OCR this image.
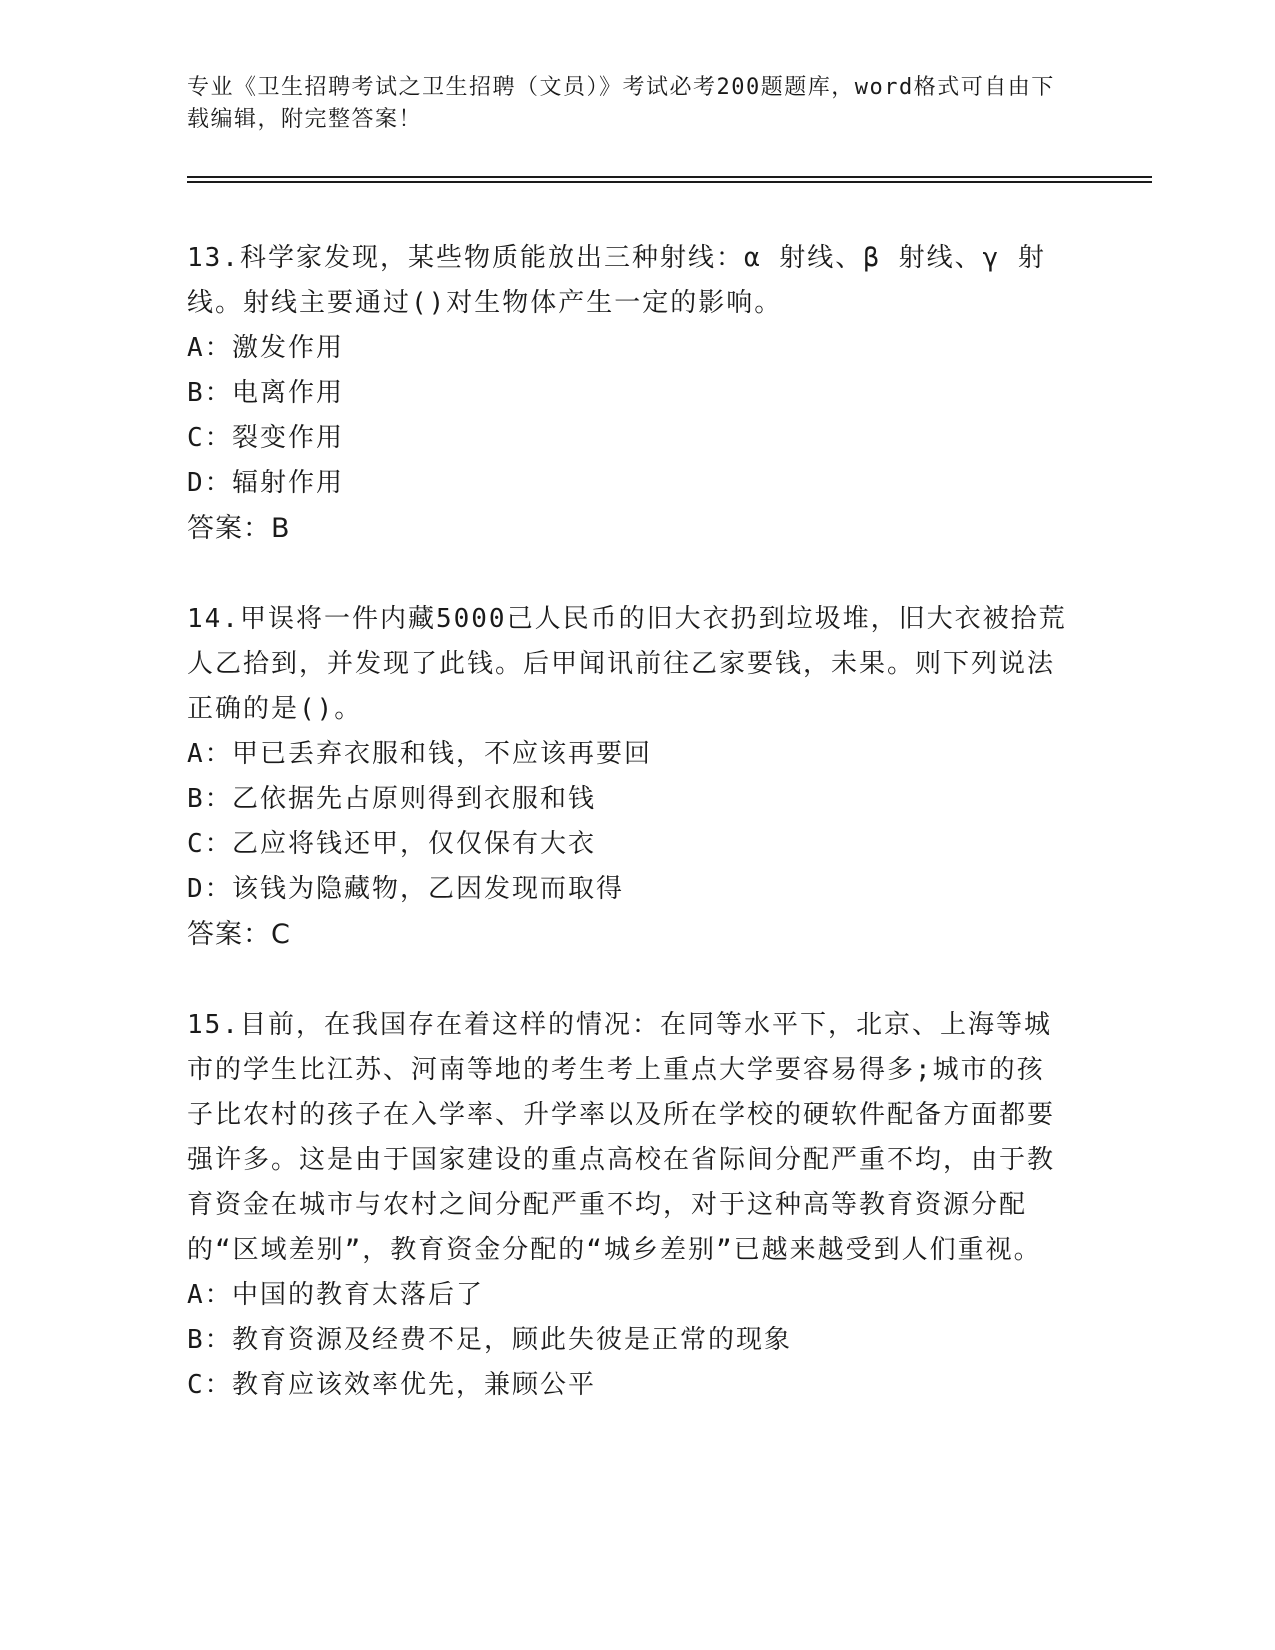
专业《卫生招聘考试之卫生招聘（文员）》考试必考200题题库，word格式可自由下载编辑，附完整答案！

13.科学家发现，某些物质能放出三种射线：α 射线、β 射线、γ 射线。射线主要通过()对生物体产生一定的影响。

A：激发作用

B：电离作用

C：裂变作用

D：辐射作用

答案：B

14.甲误将一件内藏5000己人民币的旧大衣扔到垃圾堆，旧大衣被拾荒人乙拾到，并发现了此钱。后甲闻讯前往乙家要钱，未果。则下列说法正确的是()。

A：甲已丢弃衣服和钱，不应该再要回

B：乙依据先占原则得到衣服和钱

C：乙应将钱还甲，仅仅保有大衣

D：该钱为隐藏物，乙因发现而取得

答案：C

15.目前，在我国存在着这样的情况：在同等水平下，北京、上海等城市的学生比江苏、河南等地的考生考上重点大学要容易得多;城市的孩子比农村的孩子在入学率、升学率以及所在学校的硬软件配备方面都要强许多。这是由于国家建设的重点高校在省际间分配严重不均，由于教育资金在城市与农村之间分配严重不均，对于这种高等教育资源分配的“区域差别”，教育资金分配的“城乡差别”已越来越受到人们重视。

A：中国的教育太落后了

B：教育资源及经费不足，顾此失彼是正常的现象

C：教育应该效率优先，兼顾公平
